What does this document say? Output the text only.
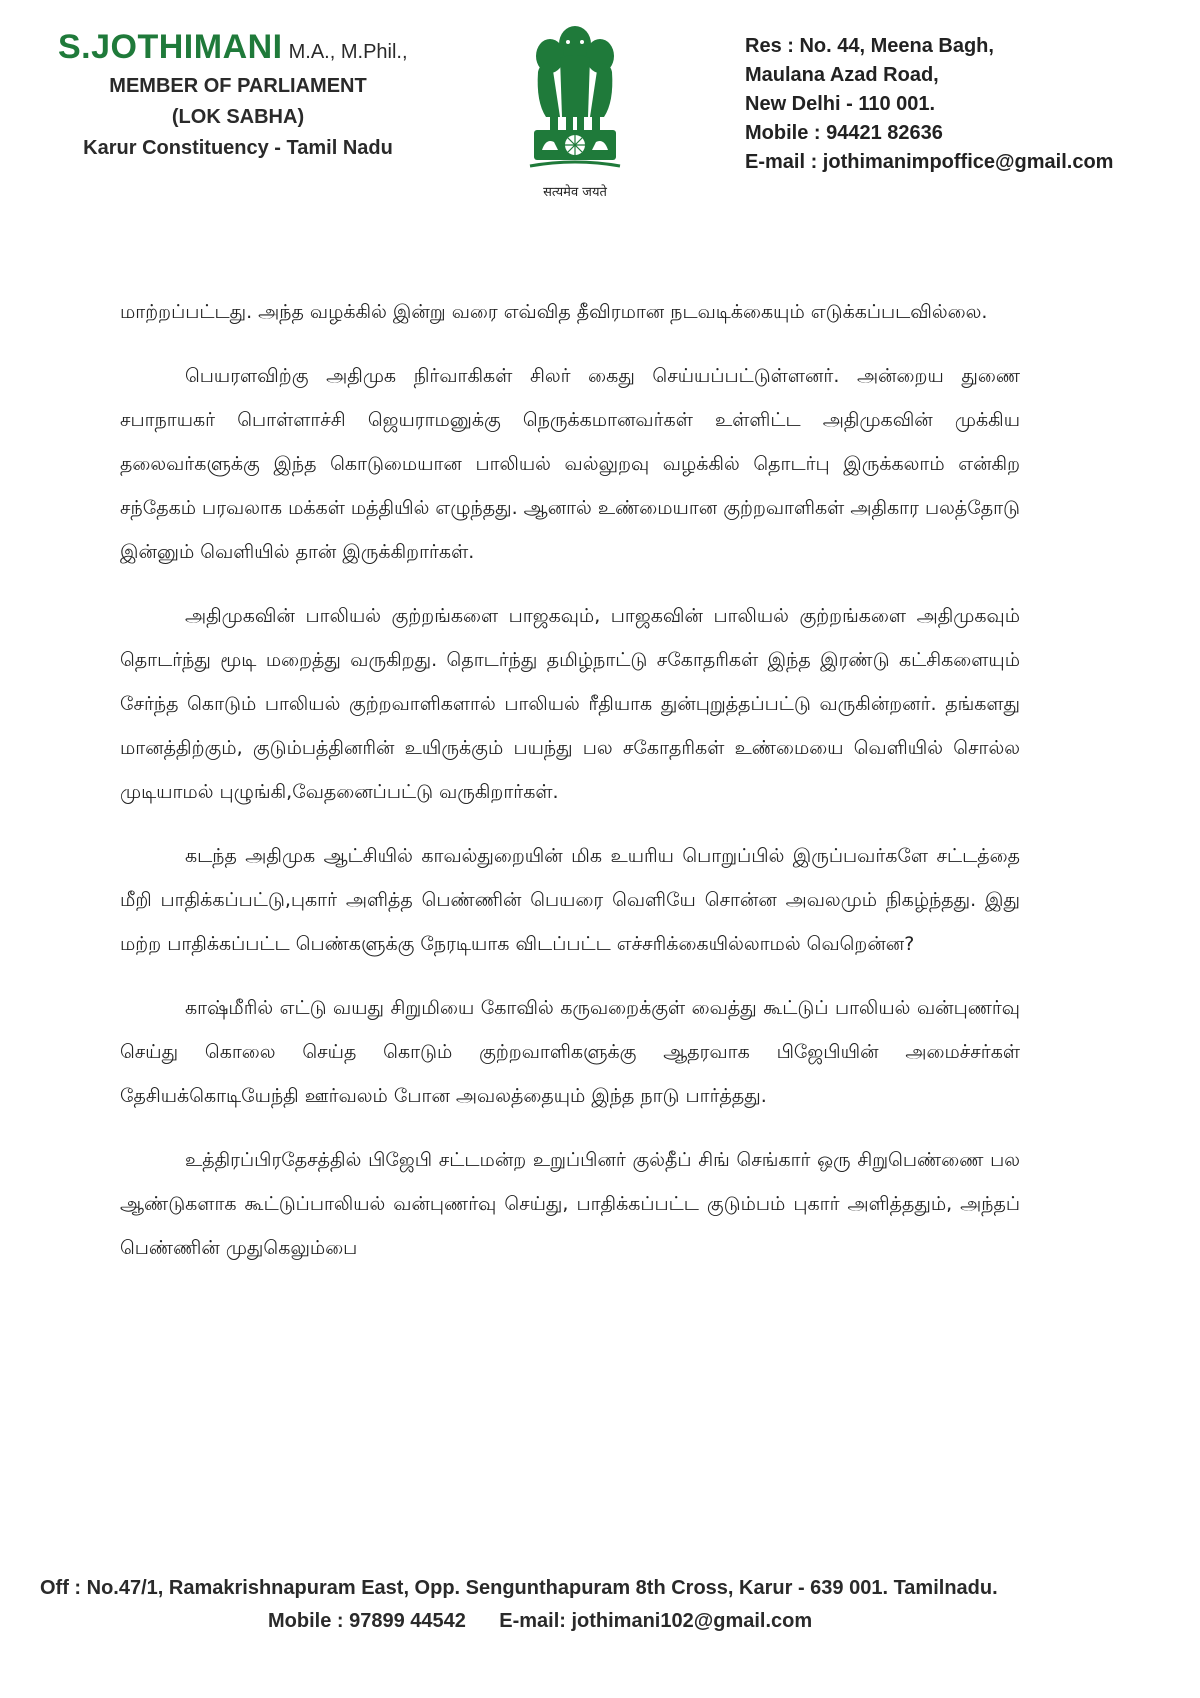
S.JOTHIMANI M.A., M.Phil.,
MEMBER OF PARLIAMENT
(LOK SABHA)
Karur Constituency - Tamil Nadu
सत्यमेव जयते
Res : No. 44, Meena Bagh,
Maulana Azad Road,
New Delhi - 110 001.
Mobile : 94421 82636
E-mail : jothimanimpoffice@gmail.com

மாற்றப்பட்டது. அந்த வழக்கில் இன்று வரை எவ்வித தீவிரமான நடவடிக்கையும் எடுக்கப்படவில்லை.

பெயரளவிற்கு அதிமுக நிர்வாகிகள் சிலர் கைது செய்யப்பட்டுள்ளனர். அன்றைய துணை சபாநாயகர் பொள்ளாச்சி ஜெயராமனுக்கு நெருக்கமானவர்கள் உள்ளிட்ட அதிமுகவின் முக்கிய தலைவர்களுக்கு இந்த கொடுமையான பாலியல் வல்லுறவு வழக்கில் தொடர்பு இருக்கலாம் என்கிற சந்தேகம் பரவலாக மக்கள் மத்தியில் எழுந்தது. ஆனால் உண்மையான குற்றவாளிகள் அதிகார பலத்தோடு இன்னும் வெளியில் தான் இருக்கிறார்கள்.

அதிமுகவின் பாலியல் குற்றங்களை பாஜகவும், பாஜகவின் பாலியல் குற்றங்களை அதிமுகவும் தொடர்ந்து மூடி மறைத்து வருகிறது. தொடர்ந்து தமிழ்நாட்டு சகோதரிகள் இந்த இரண்டு கட்சிகளையும் சேர்ந்த கொடும் பாலியல் குற்றவாளிகளால் பாலியல் ரீதியாக துன்புறுத்தப்பட்டு வருகின்றனர். தங்களது மானத்திற்கும், குடும்பத்தினரின் உயிருக்கும் பயந்து பல சகோதரிகள் உண்மையை வெளியில் சொல்ல முடியாமல் புழுங்கி,வேதனைப்பட்டு வருகிறார்கள்.

கடந்த அதிமுக ஆட்சியில் காவல்துறையின் மிக உயரிய பொறுப்பில் இருப்பவர்களே சட்டத்தை மீறி பாதிக்கப்பட்டு,புகார் அளித்த பெண்ணின் பெயரை வெளியே சொன்ன அவலமும் நிகழ்ந்தது. இது மற்ற பாதிக்கப்பட்ட பெண்களுக்கு நேரடியாக விடப்பட்ட எச்சரிக்கையில்லாமல் வெறென்ன?

காஷ்மீரில் எட்டு வயது சிறுமியை கோவில் கருவறைக்குள் வைத்து கூட்டுப் பாலியல் வன்புணர்வு செய்து கொலை செய்த கொடும் குற்றவாளிகளுக்கு ஆதரவாக பிஜேபியின் அமைச்சர்கள் தேசியக்கொடியேந்தி ஊர்வலம் போன அவலத்தையும் இந்த நாடு பார்த்தது.

உத்திரப்பிரதேசத்தில் பிஜேபி சட்டமன்ற உறுப்பினர் குல்தீப் சிங் செங்கார் ஒரு சிறுபெண்ணை பல ஆண்டுகளாக கூட்டுப்பாலியல் வன்புணர்வு செய்து, பாதிக்கப்பட்ட குடும்பம் புகார் அளித்ததும், அந்தப் பெண்ணின் முதுகெலும்பை

Off : No.47/1, Ramakrishnapuram East, Opp. Sengunthapuram 8th Cross, Karur - 639 001. Tamilnadu.
Mobile : 97899 44542 E-mail: jothimani102@gmail.com
